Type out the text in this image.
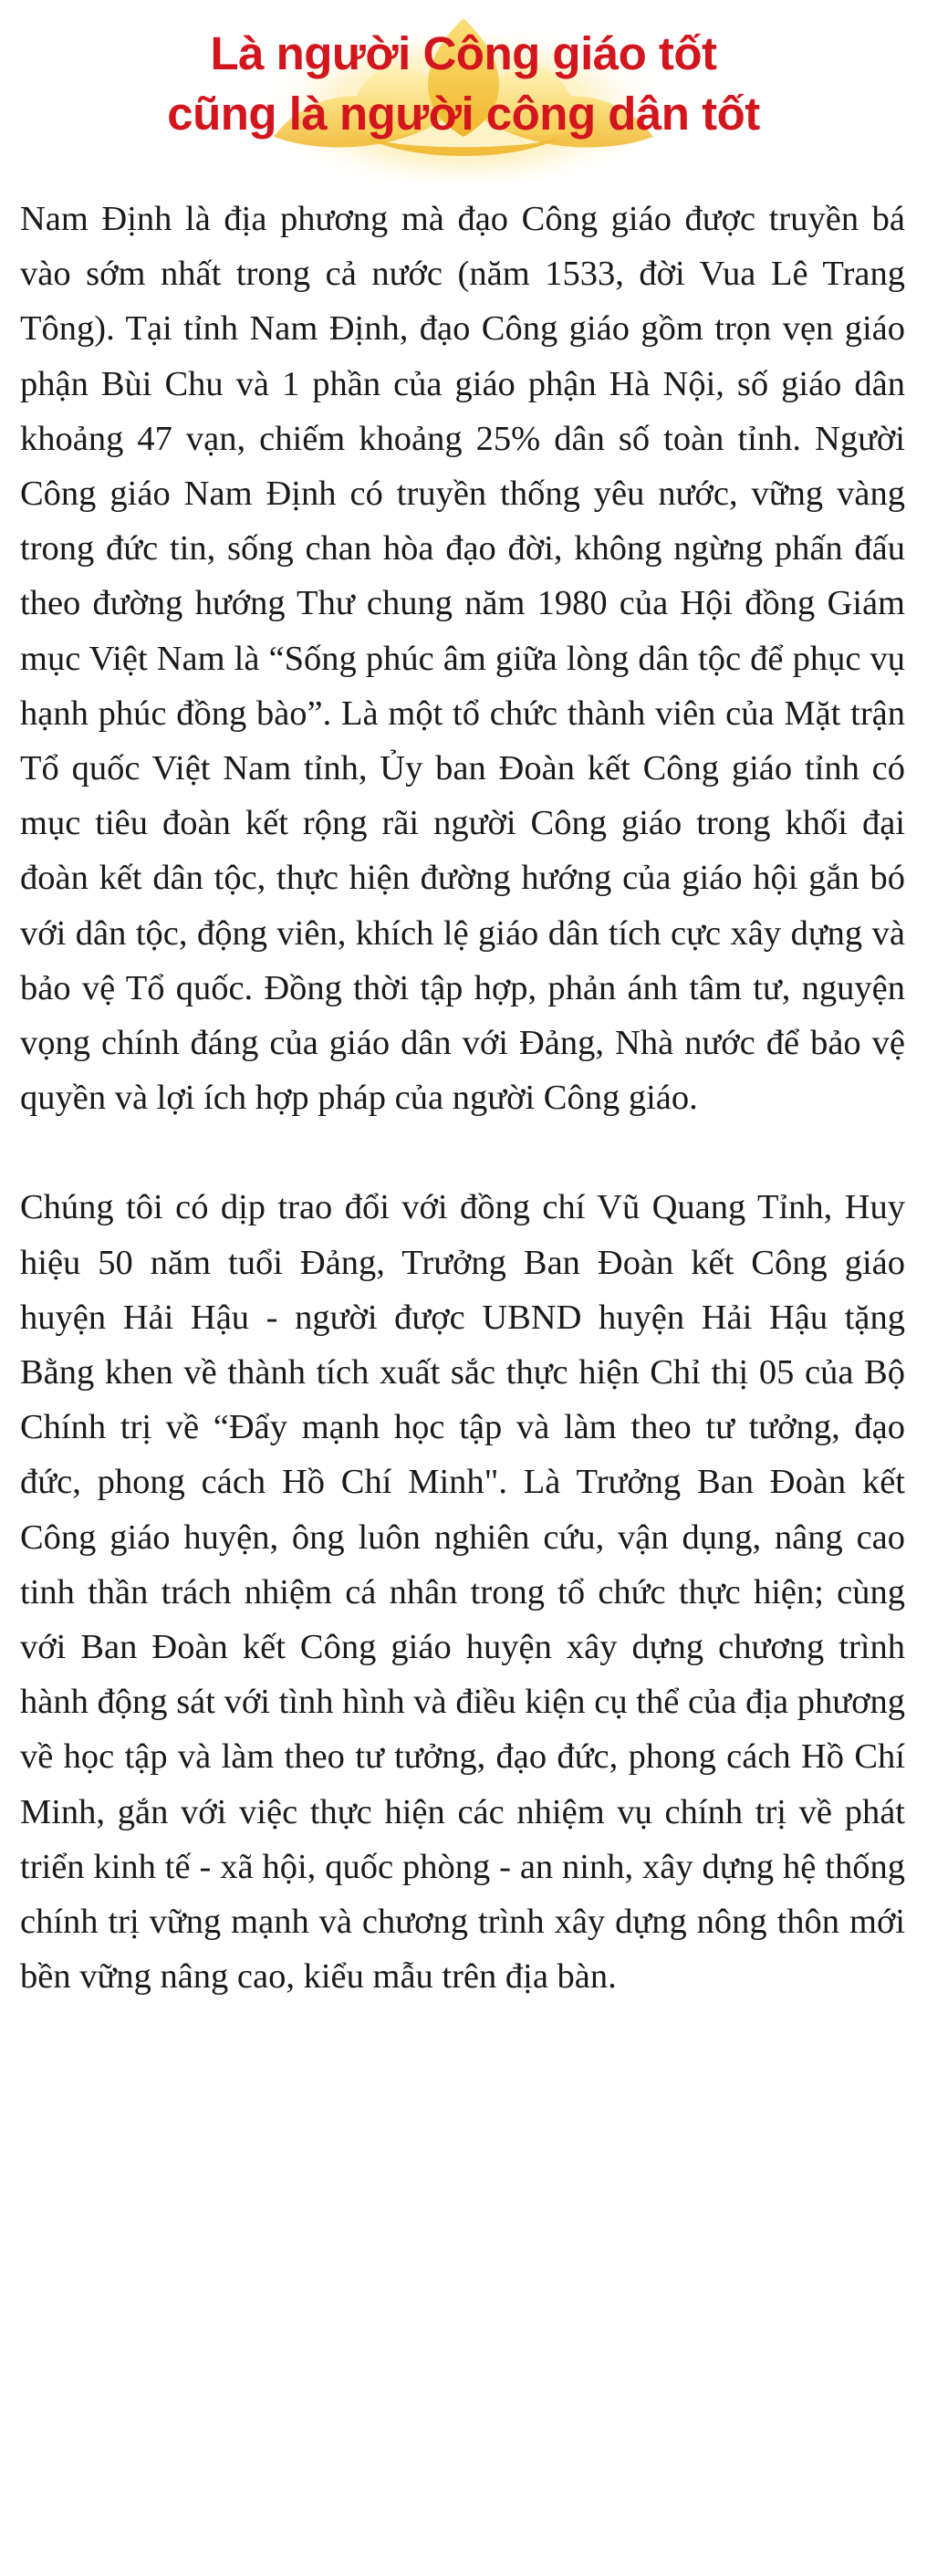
Là người Công giáo tốt
cũng là người công dân tốt

Nam Định là địa phương mà đạo Công giáo được truyền bá vào sớm nhất trong cả nước (năm 1533, đời Vua Lê Trang Tông). Tại tỉnh Nam Định, đạo Công giáo gồm trọn vẹn giáo phận Bùi Chu và 1 phần của giáo phận Hà Nội, số giáo dân khoảng 47 vạn, chiếm khoảng 25% dân số toàn tỉnh. Người Công giáo Nam Định có truyền thống yêu nước, vững vàng trong đức tin, sống chan hòa đạo đời, không ngừng phấn đấu theo đường hướng Thư chung năm 1980 của Hội đồng Giám mục Việt Nam là “Sống phúc âm giữa lòng dân tộc để phục vụ hạnh phúc đồng bào”. Là một tổ chức thành viên của Mặt trận Tổ quốc Việt Nam tỉnh, Ủy ban Đoàn kết Công giáo tỉnh có mục tiêu đoàn kết rộng rãi người Công giáo trong khối đại đoàn kết dân tộc, thực hiện đường hướng của giáo hội gắn bó với dân tộc, động viên, khích lệ giáo dân tích cực xây dựng và bảo vệ Tổ quốc. Đồng thời tập hợp, phản ánh tâm tư, nguyện vọng chính đáng của giáo dân với Đảng, Nhà nước để bảo vệ quyền và lợi ích hợp pháp của người Công giáo.

Chúng tôi có dịp trao đổi với đồng chí Vũ Quang Tỉnh, Huy hiệu 50 năm tuổi Đảng, Trưởng Ban Đoàn kết Công giáo huyện Hải Hậu - người được UBND huyện Hải Hậu tặng Bằng khen về thành tích xuất sắc thực hiện Chỉ thị 05 của Bộ Chính trị về “Đẩy mạnh học tập và làm theo tư tưởng, đạo đức, phong cách Hồ Chí Minh". Là Trưởng Ban Đoàn kết Công giáo huyện, ông luôn nghiên cứu, vận dụng, nâng cao tinh thần trách nhiệm cá nhân trong tổ chức thực hiện; cùng với Ban Đoàn kết Công giáo huyện xây dựng chương trình hành động sát với tình hình và điều kiện cụ thể của địa phương về học tập và làm theo tư tưởng, đạo đức, phong cách Hồ Chí Minh, gắn với việc thực hiện các nhiệm vụ chính trị về phát triển kinh tế - xã hội, quốc phòng - an ninh, xây dựng hệ thống chính trị vững mạnh và chương trình xây dựng nông thôn mới bền vững nâng cao, kiểu mẫu trên địa bàn.
